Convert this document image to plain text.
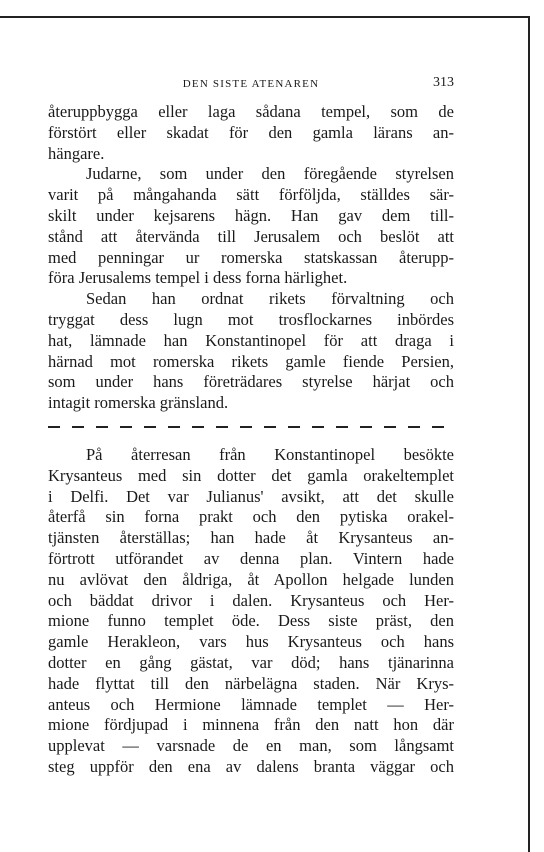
DEN SISTE ATENAREN	313
återuppbygga eller laga sådana tempel, som de
förstört eller skadat för den gamla lärans an-
hängare.
Judarne, som under den föregående styrelsen
varit på mångahanda sätt förföljda, ställdes sär-
skilt under kejsarens hägn. Han gav dem till-
stånd att återvända till Jerusalem och beslöt att
med penningar ur romerska statskassan återupp-
föra Jerusalems tempel i dess forna härlighet.
Sedan han ordnat rikets förvaltning och
tryggat dess lugn mot trosflockarnes inbördes
hat, lämnade han Konstantinopel för att draga i
härnad mot romerska rikets gamle fiende Persien,
som under hans företrädares styrelse härjat och
intagit romerska gränsland.
På återresan från Konstantinopel besökte
Krysanteus med sin dotter det gamla orakeltemplet
i Delfi. Det var Julianus' avsikt, att det skulle
återfå sin forna prakt och den pytiska orakel-
tjänsten återställas; han hade åt Krysanteus an-
förtrott utförandet av denna plan. Vintern hade
nu avlövat den åldriga, åt Apollon helgade lunden
och bäddat drivor i dalen. Krysanteus och Her-
mione funno templet öde. Dess siste präst, den
gamle Herakleon, vars hus Krysanteus och hans
dotter en gång gästat, var död; hans tjänarinna
hade flyttat till den närbelägna staden. När Krys-
anteus och Hermione lämnade templet — Her-
mione fördjupad i minnena från den natt hon där
upplevat — varsnade de en man, som långsamt
steg uppför den ena av dalens branta väggar och
